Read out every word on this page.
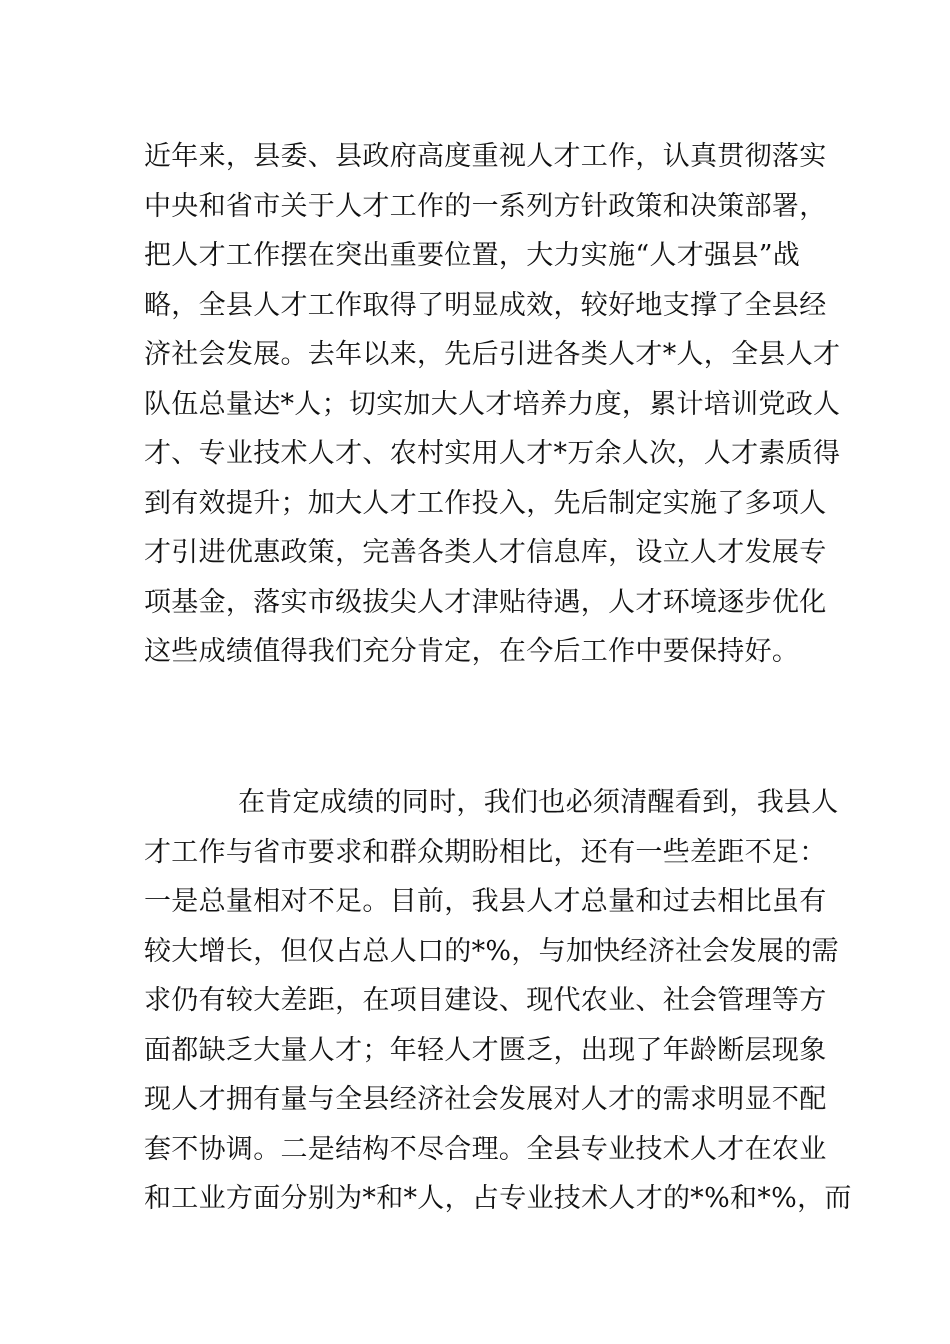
近年来，县委、县政府高度重视人才工作，认真贯彻落实
中央和省市关于人才工作的一系列方针政策和决策部署，
把人才工作摆在突出重要位置，大力实施“人才强县”战
略，全县人才工作取得了明显成效，较好地支撑了全县经
济社会发展。去年以来，先后引进各类人才*人，全县人才
队伍总量达*人；切实加大人才培养力度，累计培训党政人
才、专业技术人才、农村实用人才*万余人次，人才素质得
到有效提升；加大人才工作投入，先后制定实施了多项人
才引进优惠政策，完善各类人才信息库，设立人才发展专
项基金，落实市级拔尖人才津贴待遇，人才环境逐步优化
这些成绩值得我们充分肯定，在今后工作中要保持好。
在肯定成绩的同时，我们也必须清醒看到，我县人
才工作与省市要求和群众期盼相比，还有一些差距不足：
一是总量相对不足。目前，我县人才总量和过去相比虽有
较大增长，但仅占总人口的*%，与加快经济社会发展的需
求仍有较大差距，在项目建设、现代农业、社会管理等方
面都缺乏大量人才；年轻人才匮乏，出现了年龄断层现象
现人才拥有量与全县经济社会发展对人才的需求明显不配
套不协调。二是结构不尽合理。全县专业技术人才在农业
和工业方面分别为*和*人，占专业技术人才的*%和*%，而
